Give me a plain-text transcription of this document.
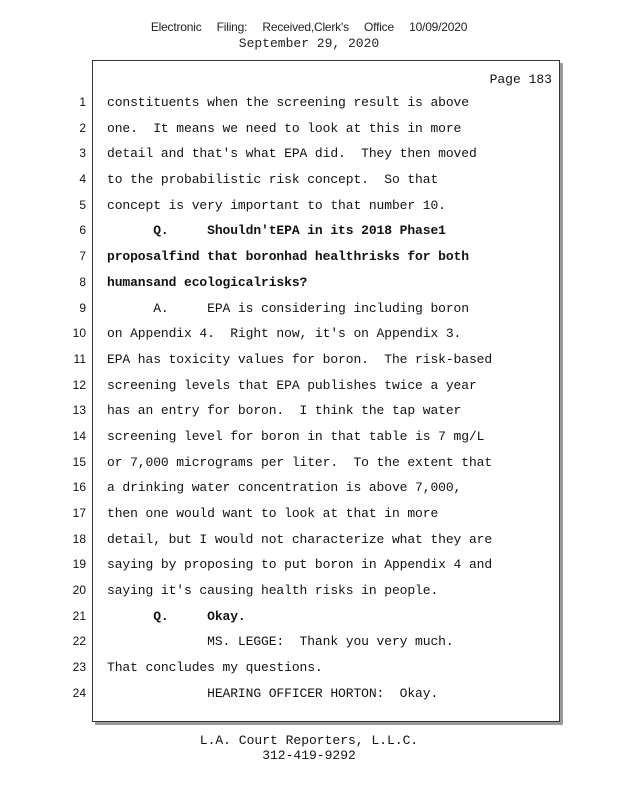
Electronic Filing: Received,Clerk's Office 10/09/2020
September 29, 2020
Page 183
1
2
3
4
5
6
7
8
9
10
11
12
13
14
15
16
17
18
19
20
21
22
23
24
constituents when the screening result is above
one.  It means we need to look at this in more
detail and that's what EPA did.  They then moved
to the probabilistic risk concept.  So that
concept is very important to that number 10.
Q.     Shouldn'tEPA in its 2018 Phase1
proposalfind that boronhad healthrisks for both
humansand ecologicalrisks?
A.     EPA is considering including boron
on Appendix 4.  Right now, it's on Appendix 3.
EPA has toxicity values for boron.  The risk-based
screening levels that EPA publishes twice a year
has an entry for boron.  I think the tap water
screening level for boron in that table is 7 mg/L
or 7,000 micrograms per liter.  To the extent that
a drinking water concentration is above 7,000,
then one would want to look at that in more
detail, but I would not characterize what they are
saying by proposing to put boron in Appendix 4 and
saying it's causing health risks in people.
Q.     Okay.
MS. LEGGE:  Thank you very much.
That concludes my questions.
HEARING OFFICER HORTON:  Okay.
L.A. Court Reporters, L.L.C.
312-419-9292
